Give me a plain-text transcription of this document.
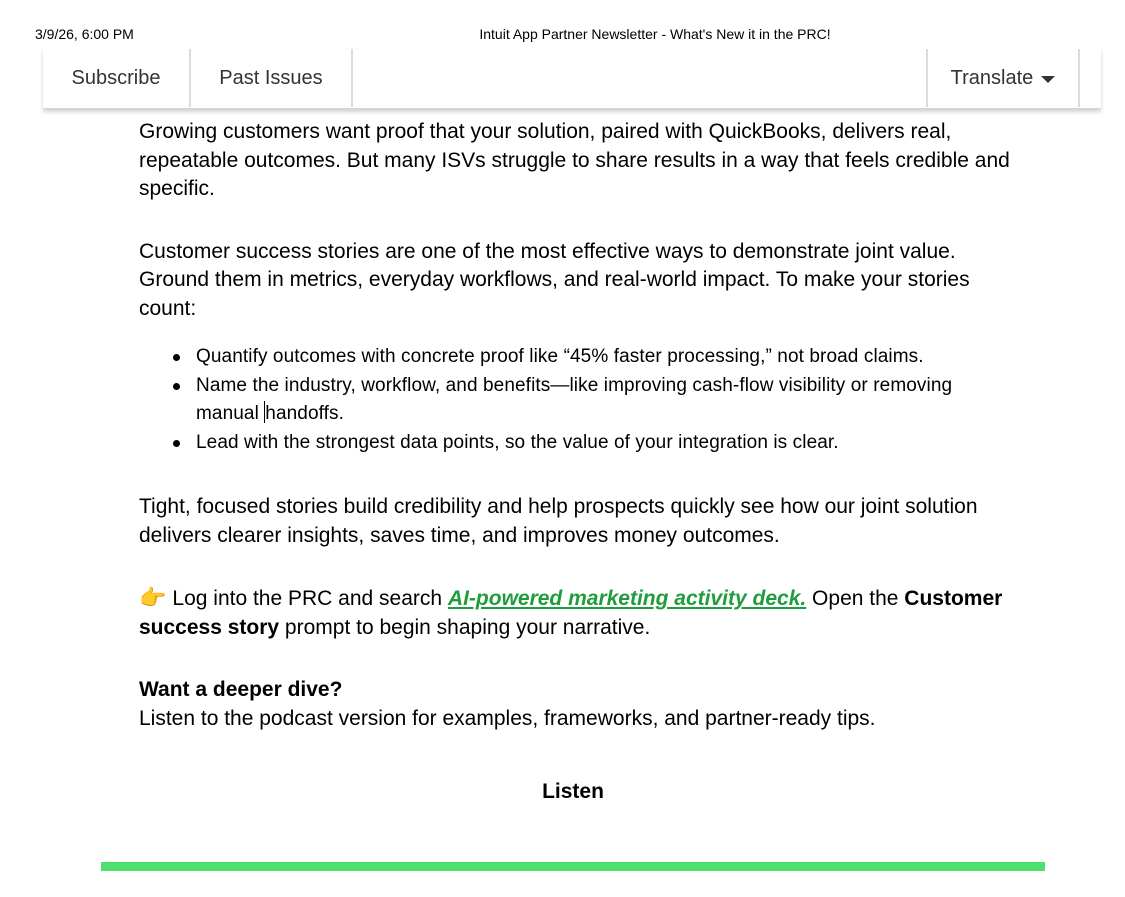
3/9/26, 6:00 PM	Intuit App Partner Newsletter - What's New it in the PRC!
Subscribe	Past Issues	Translate

Growing customers want proof that your solution, paired with QuickBooks, delivers real, repeatable outcomes. But many ISVs struggle to share results in a way that feels credible and specific.

Customer success stories are one of the most effective ways to demonstrate joint value. Ground them in metrics, everyday workflows, and real-world impact. To make your stories count:

Quantify outcomes with concrete proof like “45% faster processing,” not broad claims.
Name the industry, workflow, and benefits—like improving cash-flow visibility or removing manual handoffs.
Lead with the strongest data points, so the value of your integration is clear.

Tight, focused stories build credibility and help prospects quickly see how our joint solution delivers clearer insights, saves time, and improves money outcomes.

👉 Log into the PRC and search AI-powered marketing activity deck. Open the Customer success story prompt to begin shaping your narrative.

Want a deeper dive?
Listen to the podcast version for examples, frameworks, and partner-ready tips.

Listen
